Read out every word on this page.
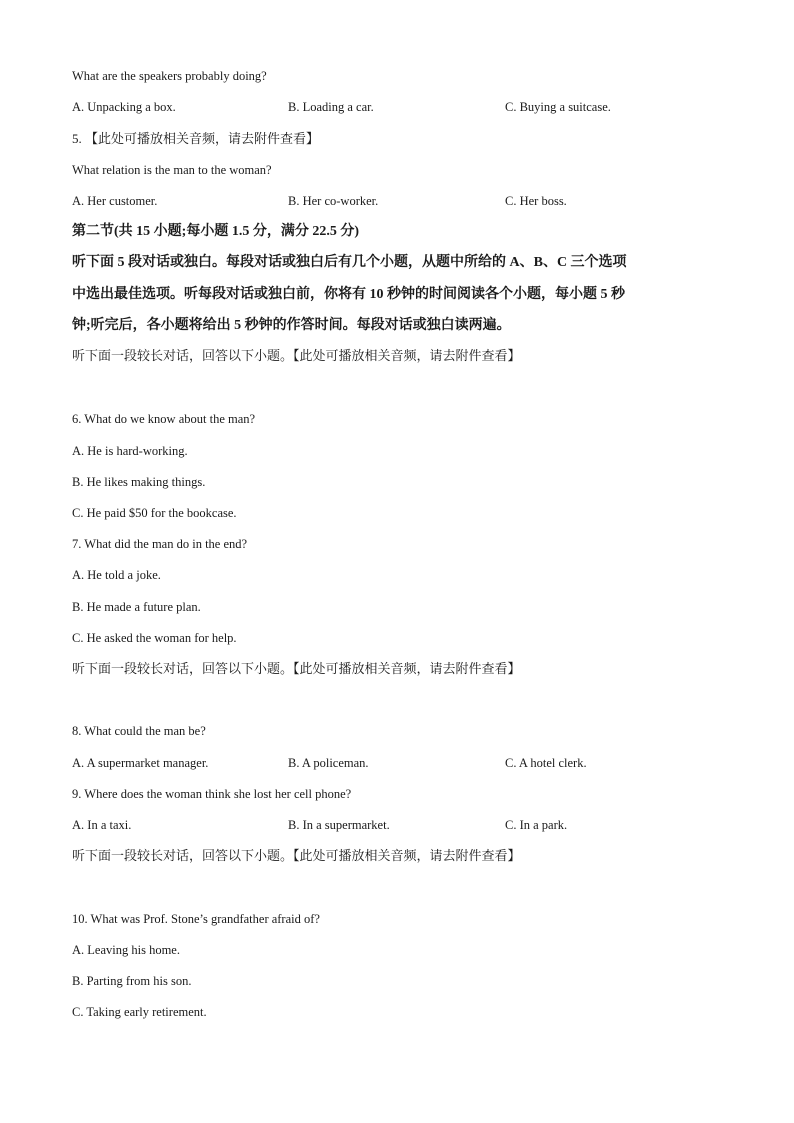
What are the speakers probably doing?
A. Unpacking a box.	B. Loading a car.	C. Buying a suitcase.
5. 【此处可播放相关音频，请去附件查看】
What relation is the man to the woman?
A. Her customer.	B. Her co-worker.	C. Her boss.
第二节(共 15 小题;每小题 1.5 分，满分 22.5 分)
听下面 5 段对话或独白。每段对话或独白后有几个小题，从题中所给的 A、B、C 三个选项
中选出最佳选项。听每段对话或独白前，你将有 10 秒钟的时间阅读各个小题，每小题 5 秒
钟;听完后，各小题将给出 5 秒钟的作答时间。每段对话或独白读两遍。
听下面一段较长对话，回答以下小题。【此处可播放相关音频，请去附件查看】
6. What do we know about the man?
A. He is hard-working.
B. He likes making things.
C. He paid $50 for the bookcase.
7. What did the man do in the end?
A. He told a joke.
B. He made a future plan.
C. He asked the woman for help.
听下面一段较长对话，回答以下小题。【此处可播放相关音频，请去附件查看】
8. What could the man be?
A. A supermarket manager.	B. A policeman.	C. A hotel clerk.
9. Where does the woman think she lost her cell phone?
A. In a taxi.	B. In a supermarket.	C. In a park.
听下面一段较长对话，回答以下小题。【此处可播放相关音频，请去附件查看】
10. What was Prof. Stone’s grandfather afraid of?
A. Leaving his home.
B. Parting from his son.
C. Taking early retirement.
